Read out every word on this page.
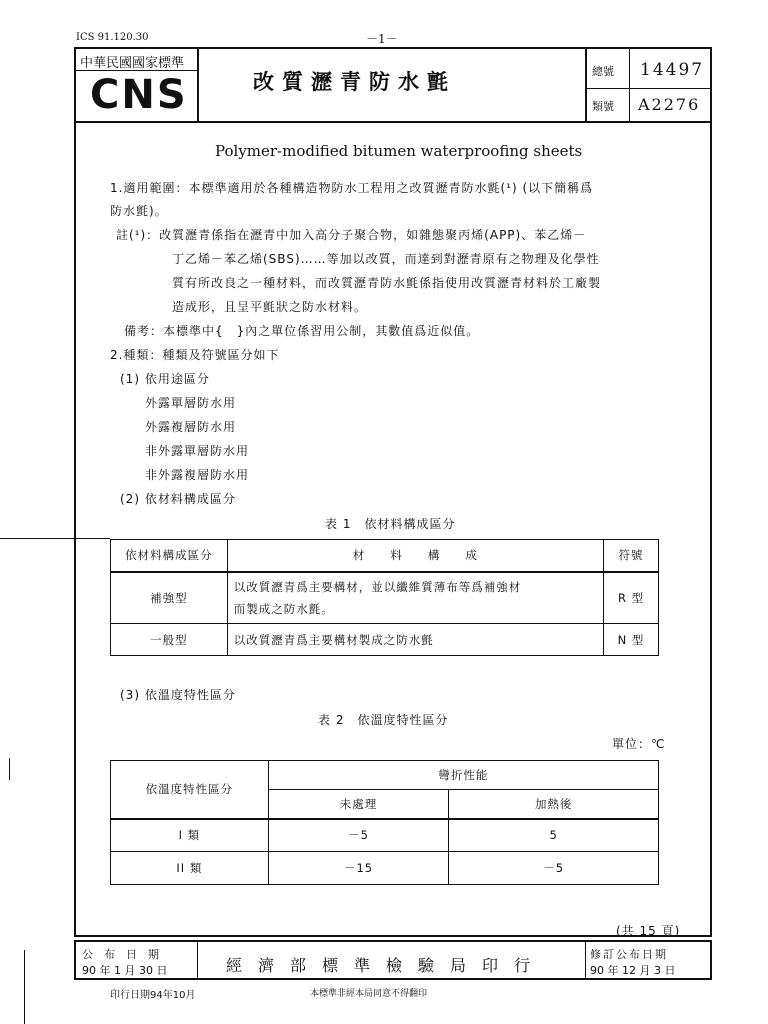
ICS 91.120.30	－1－
中華民國國家標準
CNS	改質瀝青防水氈	總號 14497
類號 A2276
Polymer-modified bitumen waterproofing sheets
1.適用範圍：本標準適用於各種構造物防水工程用之改質瀝青防水氈(¹) (以下簡稱爲
防水氈)。
註(¹)：改質瀝青係指在瀝青中加入高分子聚合物，如雜態聚丙烯(APP)、苯乙烯－
丁乙烯－苯乙烯(SBS)……等加以改質，而達到對瀝青原有之物理及化學性
質有所改良之一種材料，而改質瀝青防水氈係指使用改質瀝青材料於工廠製
造成形，且呈平氈狀之防水材料。
備考：本標準中{　}內之單位係習用公制，其數值爲近似值。
2.種類：種類及符號區分如下
(1) 依用途區分
外露單層防水用
外露複層防水用
非外露單層防水用
非外露複層防水用
(2) 依材料構成區分
表 1　依材料構成區分
依材料構成區分	材　　料　　構　　成	符號
補強型	以改質瀝青爲主要構材，並以纖維質薄布等爲補強材
而製成之防水氈。	R 型
一般型	以改質瀝青爲主要構材製成之防水氈	N 型
(3) 依溫度特性區分
表 2　依溫度特性區分
單位：℃
依溫度特性區分	彎折性能	
	未處理	加熱後
I 類	－5	5
II 類	－15	－5
(共 15 頁)
公　布　日　期
90 年 1 月 30 日	經　濟　部　標　準　檢　驗　局　印　行
修訂公布日期
90 年 12 月 3 日
印行日期94年10月	本標準非經本局同意不得翻印
